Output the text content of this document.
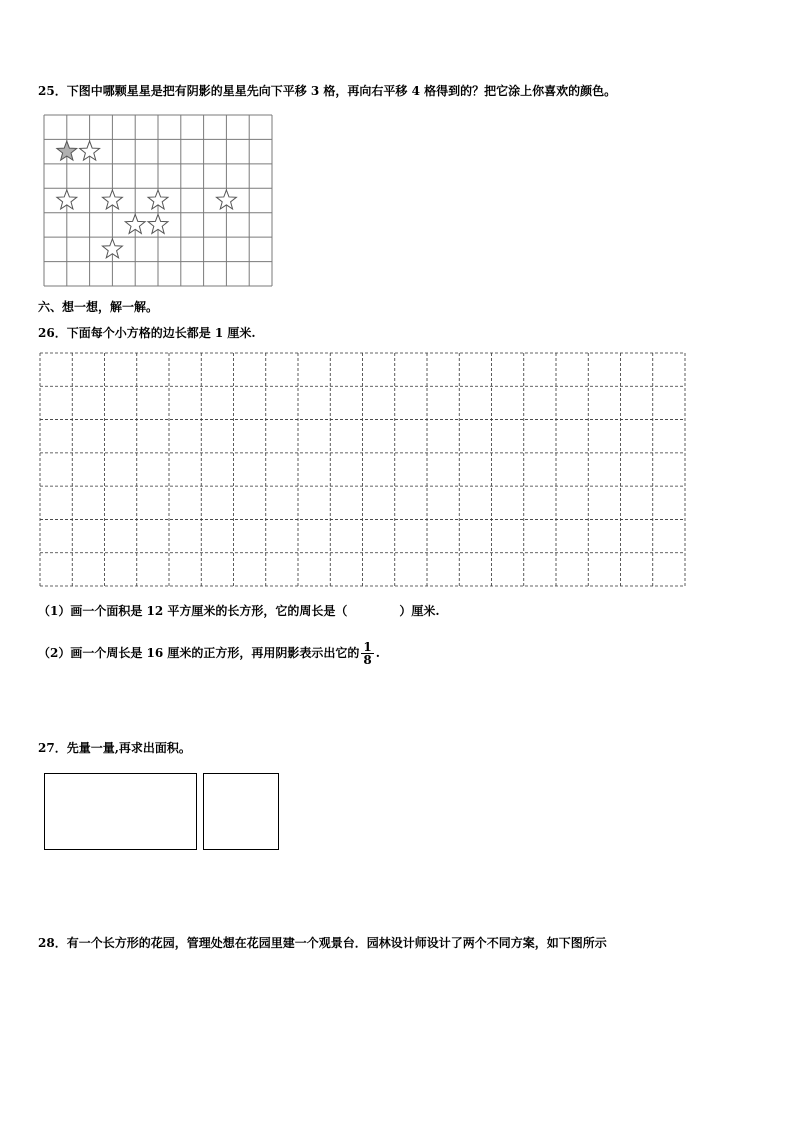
25．下图中哪颗星星是把有阴影的星星先向下平移 3 格，再向右平移 4 格得到的？把它涂上你喜欢的颜色。
六、想一想，解一解。
26．下面每个小方格的边长都是 1 厘米.
（1）画一个面积是 12 平方厘米的长方形，它的周长是（	）厘米.
（2）画一个周长是 16 厘米的正方形，再用阴影表示出它的 $\frac{1}{8}$ .
27．先量一量,再求出面积。
28．有一个长方形的花园，管理处想在花园里建一个观景台．园林设计师设计了两个不同方案，如下图所示
